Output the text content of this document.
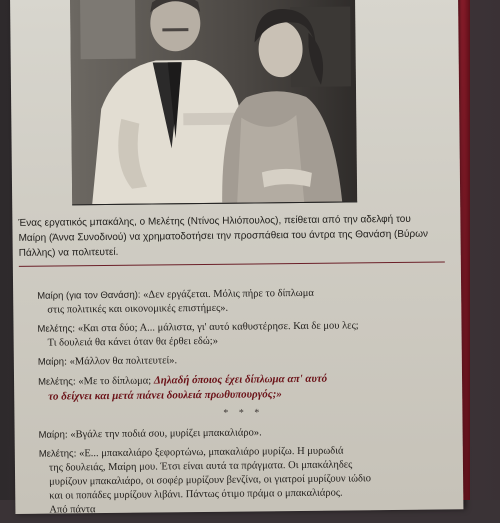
Ένας εργατικός μπακάλης, ο Μελέτης (Ντίνος Ηλιόπουλος), πείθεται από την αδελφή του Μαίρη (Άννα Συνοδινού) να χρηματοδοτήσει την προσπάθεια του άντρα της Θανάση (Βύρων Πάλλης) να πολιτευτεί.

Μαίρη (για τον Θανάση): «Δεν εργάζεται. Μόλις πήρε το δίπλωμα
στις πολιτικές και οικονομικές επιστήμες».

Μελέτης: «Και στα δύο; Α... μάλιστα, γι' αυτό καθυστέρησε. Και δε μου λες;
Τι δουλειά θα κάνει όταν θα έρθει εδώ;»

Μαίρη: «Μάλλον θα πολιτευτεί».

Μελέτης: «Με το δίπλωμα; Δηλαδή όποιος έχει δίπλωμα απ' αυτό
το δείχνει και μετά πιάνει δουλειά πρωθυπουργός;»

* * *

Μαίρη: «Βγάλε την ποδιά σου, μυρίζει μπακαλιάρο».

Μελέτης: «Ε... μπακαλιάρο ξεφορτώνω, μπακαλιάρο μυρίζω. Η μυρωδιά
της δουλειάς, Μαίρη μου. Έτσι είναι αυτά τα πράγματα. Οι μπακάληδες
μυρίζουν μπακαλιάρο, οι σοφέρ μυρίζουν βενζίνα, οι γιατροί μυρίζουν ιώδιο
και οι ποπάδες μυρίζουν λιβάνι. Πάντως ότιμο πράμα ο μπακαλιάρος.
Από πάντα
